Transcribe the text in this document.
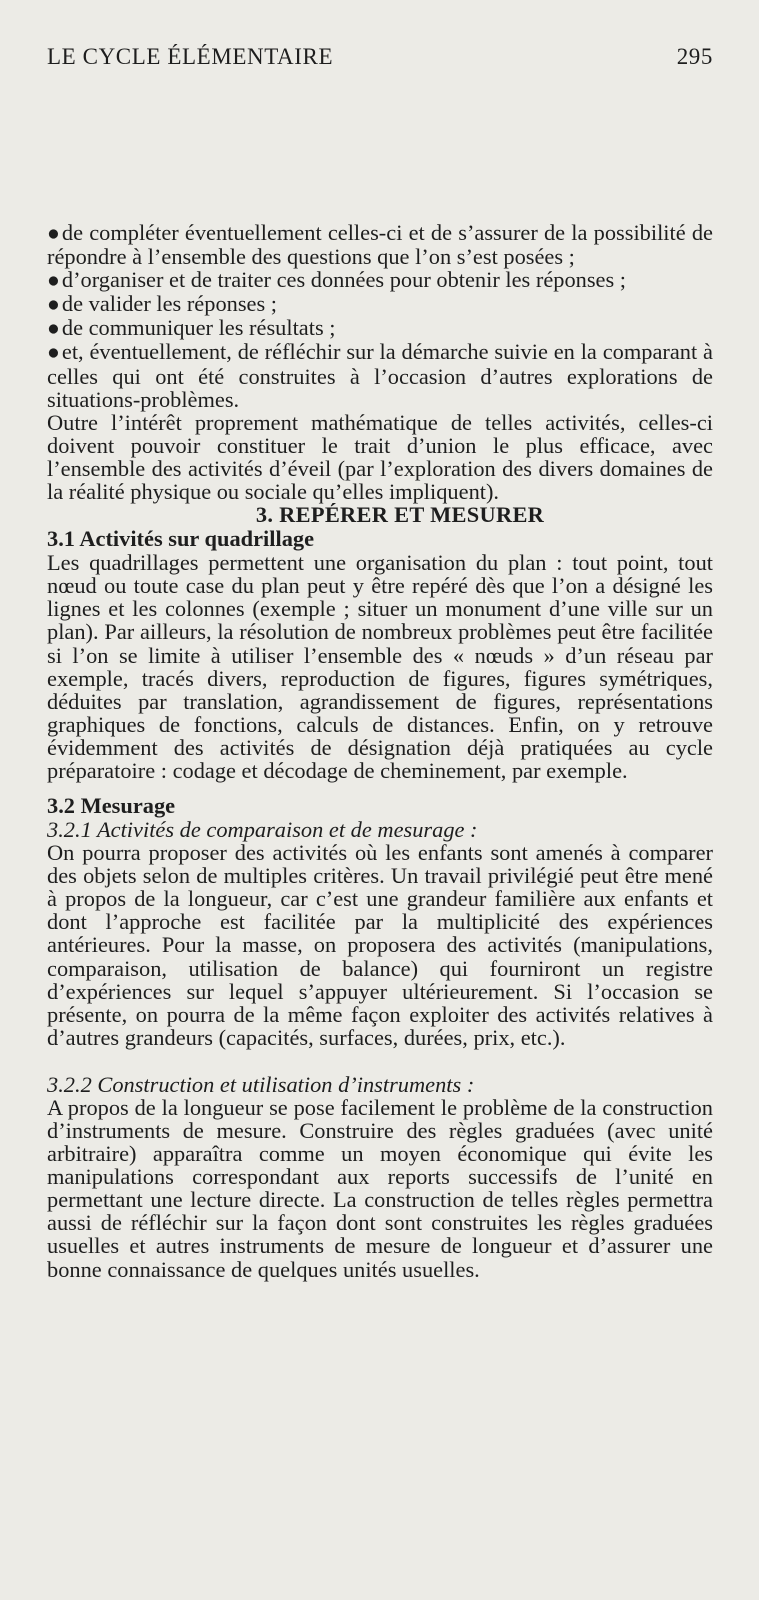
LE CYCLE ÉLÉMENTAIRE	295

●de compléter éventuellement celles-ci et de s’assurer de la possibilité de répondre à l’ensemble des questions que l’on s’est posées ;

●d’organiser et de traiter ces données pour obtenir les réponses ;

●de valider les réponses ;

●de communiquer les résultats ;

●et, éventuellement, de réfléchir sur la démarche suivie en la comparant à celles qui ont été construites à l’occasion d’autres explorations de situations-problèmes.

Outre l’intérêt proprement mathématique de telles activités, celles-ci doivent pouvoir constituer le trait d’union le plus efficace, avec l’ensemble des activités d’éveil (par l’exploration des divers domaines de la réalité physique ou sociale qu’elles impliquent).

3. REPÉRER ET MESURER
3.1 Activités sur quadrillage

Les quadrillages permettent une organisation du plan : tout point, tout nœud ou toute case du plan peut y être repéré dès que l’on a désigné les lignes et les colonnes (exemple ; situer un monument d’une ville sur un plan). Par ailleurs, la résolution de nombreux problèmes peut être facilitée si l’on se limite à utiliser l’ensemble des « nœuds » d’un réseau par exemple, tracés divers, reproduction de figures, figures symétriques, déduites par translation, agrandissement de figures, représentations graphiques de fonctions, calculs de distances. Enfin, on y retrouve évidemment des activités de désignation déjà pratiquées au cycle préparatoire : codage et décodage de cheminement, par exemple.

3.2 Mesurage
3.2.1 Activités de comparaison et de mesurage :

On pourra proposer des activités où les enfants sont amenés à comparer des objets selon de multiples critères. Un travail privilégié peut être mené à propos de la longueur, car c’est une grandeur familière aux enfants et dont l’approche est facilitée par la multiplicité des expériences antérieures. Pour la masse, on proposera des activités (manipulations, comparaison, utilisation de balance) qui fourniront un registre d’expériences sur lequel s’appuyer ultérieurement. Si l’occasion se présente, on pourra de la même façon exploiter des activités relatives à d’autres grandeurs (capacités, surfaces, durées, prix, etc.).

3.2.2 Construction et utilisation d’instruments :

A propos de la longueur se pose facilement le problème de la construction d’instruments de mesure. Construire des règles graduées (avec unité arbitraire) apparaîtra comme un moyen économique qui évite les manipulations correspondant aux reports successifs de l’unité en permettant une lecture directe. La construction de telles règles permettra aussi de réfléchir sur la façon dont sont construites les règles graduées usuelles et autres instruments de mesure de longueur et d’assurer une bonne connaissance de quelques unités usuelles.
